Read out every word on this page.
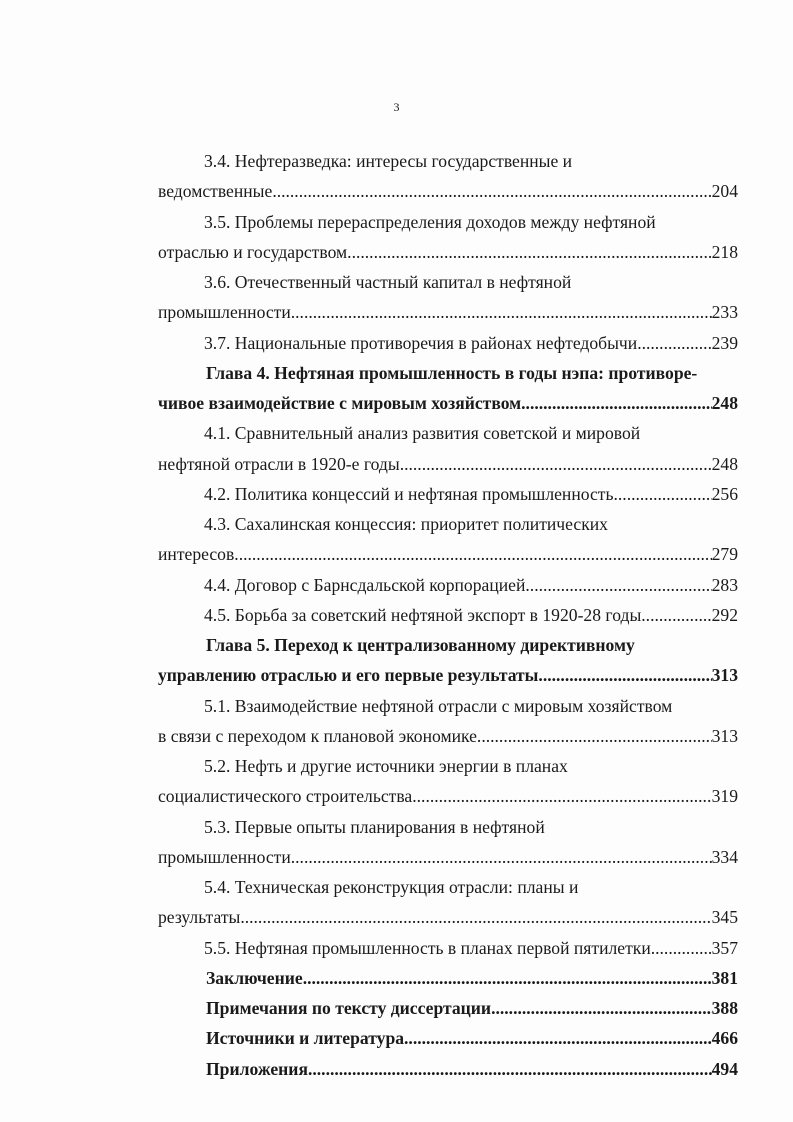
3
3.4. Нефтеразведка: интересы государственные и
ведомственные .....	204
3.5. Проблемы перераспределения доходов между нефтяной
отраслью и государством .....	218
3.6. Отечественный частный капитал в нефтяной
промышленности .....	233
3.7. Национальные противоречия в районах нефтедобычи .....	239
Глава 4. Нефтяная промышленность в годы нэпа: противоре-
чивое взаимодействие с мировым хозяйством .....	248
4.1. Сравнительный анализ развития советской и мировой
нефтяной отрасли в 1920-е годы .....	248
4.2. Политика концессий и нефтяная промышленность .....	256
4.3. Сахалинская концессия: приоритет политических
интересов .....	279
4.4. Договор с Барнсдальской корпорацией .....	283
4.5. Борьба за советский нефтяной экспорт в 1920-28 годы .....	292
Глава 5. Переход к централизованному директивному
управлению отраслью и его первые результаты .....	313
5.1. Взаимодействие нефтяной отрасли с мировым хозяйством
в связи с переходом к плановой экономике .....	313
5.2. Нефть и другие источники энергии в планах
социалистического строительства .....	319
5.3. Первые опыты планирования в нефтяной
промышленности .....	334
5.4. Техническая реконструкция отрасли: планы и
результаты .....	345
5.5. Нефтяная промышленность в планах первой пятилетки .....	357
Заключение .....	381
Примечания по тексту диссертации .....	388
Источники и литература .....	466
Приложения .....	494
